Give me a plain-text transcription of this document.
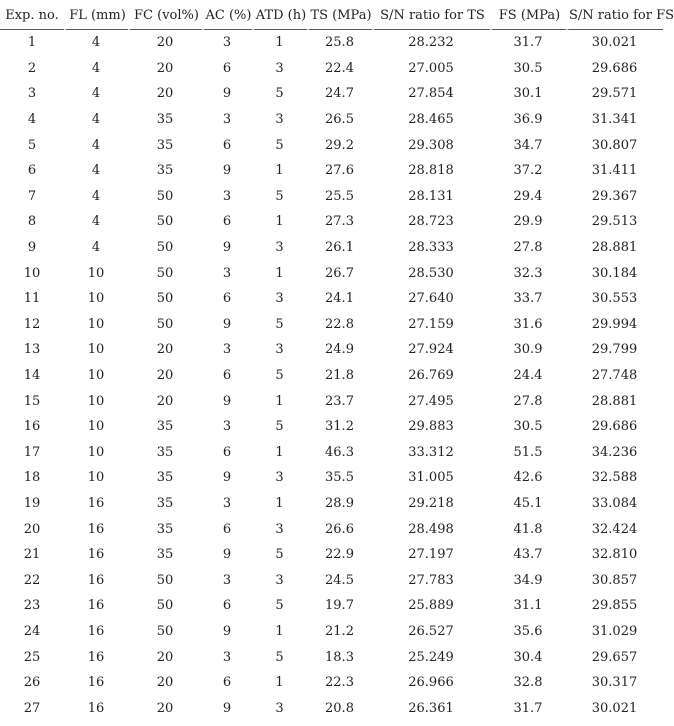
Exp. no.	FL (mm)	FC (vol%)	AC (%)	ATD (h)	TS (MPa)	S/N ratio for TS	FS (MPa)	S/N ratio for FS
1	4	20	3	1	25.8	28.232	31.7	30.021
2	4	20	6	3	22.4	27.005	30.5	29.686
3	4	20	9	5	24.7	27.854	30.1	29.571
4	4	35	3	3	26.5	28.465	36.9	31.341
5	4	35	6	5	29.2	29.308	34.7	30.807
6	4	35	9	1	27.6	28.818	37.2	31.411
7	4	50	3	5	25.5	28.131	29.4	29.367
8	4	50	6	1	27.3	28.723	29.9	29.513
9	4	50	9	3	26.1	28.333	27.8	28.881
10	10	50	3	1	26.7	28.530	32.3	30.184
11	10	50	6	3	24.1	27.640	33.7	30.553
12	10	50	9	5	22.8	27.159	31.6	29.994
13	10	20	3	3	24.9	27.924	30.9	29.799
14	10	20	6	5	21.8	26.769	24.4	27.748
15	10	20	9	1	23.7	27.495	27.8	28.881
16	10	35	3	5	31.2	29.883	30.5	29.686
17	10	35	6	1	46.3	33.312	51.5	34.236
18	10	35	9	3	35.5	31.005	42.6	32.588
19	16	35	3	1	28.9	29.218	45.1	33.084
20	16	35	6	3	26.6	28.498	41.8	32.424
21	16	35	9	5	22.9	27.197	43.7	32.810
22	16	50	3	3	24.5	27.783	34.9	30.857
23	16	50	6	5	19.7	25.889	31.1	29.855
24	16	50	9	1	21.2	26.527	35.6	31.029
25	16	20	3	5	18.3	25.249	30.4	29.657
26	16	20	6	1	22.3	26.966	32.8	30.317
27	16	20	9	3	20.8	26.361	31.7	30.021
